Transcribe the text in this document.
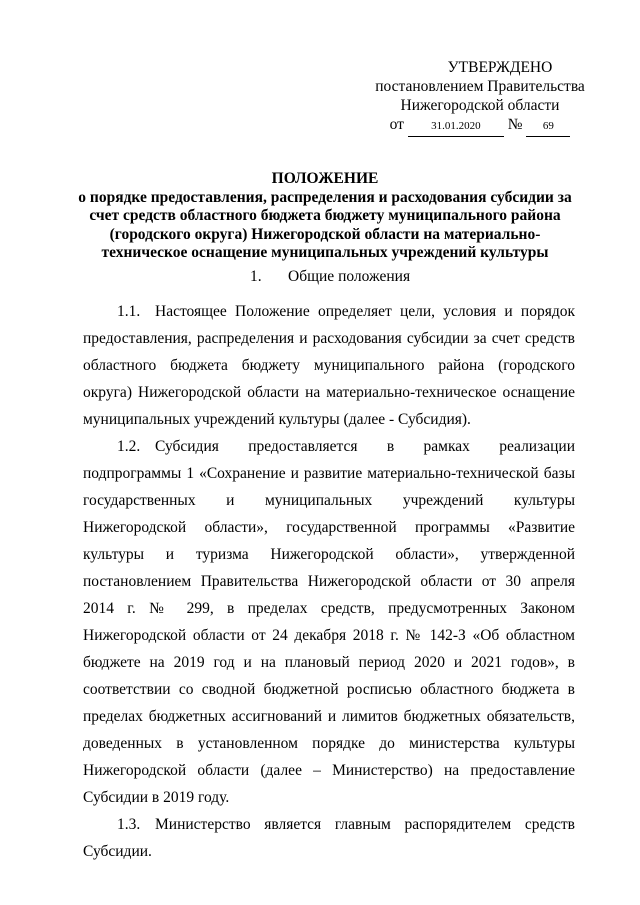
УТВЕРЖДЕНО
постановлением Правительства
Нижегородской области
от 31.01.2020 № 69
ПОЛОЖЕНИЕ
о порядке предоставления, распределения и расходования субсидии за счет средств областного бюджета бюджету муниципального района (городского округа) Нижегородской области на материально-техническое оснащение муниципальных учреждений культуры
1. Общие положения

1.1. Настоящее Положение определяет цели, условия и порядок предоставления, распределения и расходования субсидии за счет средств областного бюджета бюджету муниципального района (городского округа) Нижегородской области на материально-техническое оснащение муниципальных учреждений культуры (далее - Субсидия).

1.2. Субсидия предоставляется в рамках реализации подпрограммы 1 «Сохранение и развитие материально-технической базы государственных и муниципальных учреждений культуры Нижегородской области», государственной программы «Развитие культуры и туризма Нижегородской области», утвержденной постановлением Правительства Нижегородской области от 30 апреля 2014 г. № 299, в пределах средств, предусмотренных Законом Нижегородской области от 24 декабря 2018 г. № 142-З «Об областном бюджете на 2019 год и на плановый период 2020 и 2021 годов», в соответствии со сводной бюджетной росписью областного бюджета в пределах бюджетных ассигнований и лимитов бюджетных обязательств, доведенных в установленном порядке до министерства культуры Нижегородской области (далее – Министерство) на предоставление Субсидии в 2019 году.

1.3. Министерство является главным распорядителем средств Субсидии.
